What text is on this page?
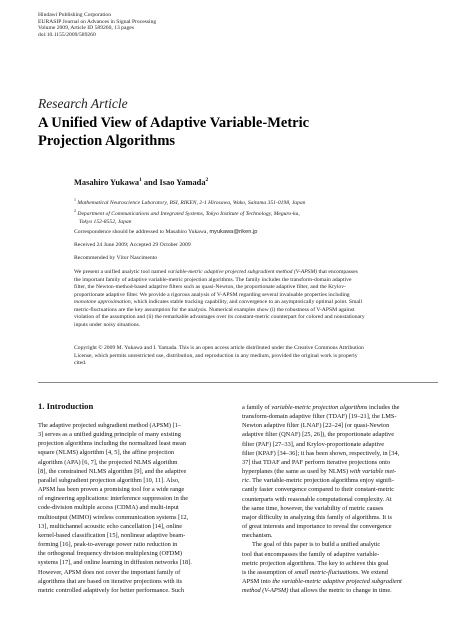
Hindawi Publishing Corporation
EURASIP Journal on Advances in Signal Processing
Volume 2009, Article ID 589260, 13 pages
doi:10.1155/2009/589260
Research Article
A Unified View of Adaptive Variable-Metric
Projection Algorithms
Masahiro Yukawa$^1$ and Isao Yamada$^2$
$^1$ Mathematical Neuroscience Laboratory, BSI, RIKEN, 2-1 Hirosawa, Wako, Saitama 351-0198, Japan
$^2$ Department of Communications and Integrated Systems, Tokyo Institute of Technology, Meguro-ku,
Tokyo 152-8552, Japan
Correspondence should be addressed to Masahiro Yukawa, myukawa@riken.jp
Received 24 June 2009; Accepted 29 October 2009
Recommended by Vítor Nascimento
We present a unified analytic tool named variable-metric adaptive projected subgradient method (V-APSM) that encompasses
the important family of adaptive variable-metric projection algorithms. The family includes the transform-domain adaptive
filter, the Newton-method-based adaptive filters such as quasi-Newton, the proportionate adaptive filter, and the Krylov-
proportionate adaptive filter. We provide a rigorous analysis of V-APSM regarding several invaluable properties including
monotone approximation, which indicates stable tracking capability, and convergence to an asymptotically optimal point. Small
metric-fluctuations are the key assumption for the analysis. Numerical examples show (i) the robustness of V-APSM against
violation of the assumption and (ii) the remarkable advantages over its constant-metric counterpart for colored and nonstationary
inputs under noisy situations.
Copyright © 2009 M. Yukawa and I. Yamada. This is an open access article distributed under the Creative Commons Attribution
License, which permits unrestricted use, distribution, and reproduction in any medium, provided the original work is properly
cited.
1. Introduction
The adaptive projected subgradient method (APSM) [1–
3] serves as a unified guiding principle of many existing
projection algorithms including the normalized least mean
square (NLMS) algorithm [4, 5], the affine projection
algorithm (APA) [6, 7], the projected NLMS algorithm
[8], the constrained NLMS algorithm [9], and the adaptive
parallel subgradient projection algorithm [10, 11]. Also,
APSM has been proven a promising tool for a wide range
of engineering applications: interference suppression in the
code-division multiple access (CDMA) and multi-input
multioutput (MIMO) wireless communication systems [12,
13], multichannel acoustic echo cancellation [14], online
kernel-based classification [15], nonlinear adaptive beam-
forming [16], peak-to-average power ratio reduction in
the orthogonal frequency division multiplexing (OFDM)
systems [17], and online learning in diffusion networks [18].
However, APSM does not cover the important family of
algorithms that are based on iterative projections with its
metric controlled adaptively for better performance. Such
a family of variable-metric projection algorithms includes the
transform-domain adaptive filter (TDAF) [19–21], the LMS-
Newton adaptive filter (LNAF) [22–24] (or quasi-Newton
adaptive filter (QNAF) [25, 26]), the proportionate adaptive
filter (PAF) [27–33], and Krylov-proportionate adaptive
filter (KPAF) [34–36]; it has been shown, respectively, in [34,
37] that TDAF and PAF perform iterative projections onto
hyperplanes (the same as used by NLMS) with variable met-
ric. The variable-metric projection algorithms enjoy signifi-
cantly faster convergence compared to their constant-metric
counterparts with reasonable computational complexity. At
the same time, however, the variability of metric causes
major difficulty in analyzing this family of algorithms. It is
of great interests and importance to reveal the convergence
mechanism.
The goal of this paper is to build a unified analytic
tool that encompasses the family of adaptive variable-
metric projection algorithms. The key to achieve this goal
is the assumption of small metric-fluctuations. We extend
APSM into the variable-metric adaptive projected subgradient
method (V-APSM) that allows the metric to change in time.
